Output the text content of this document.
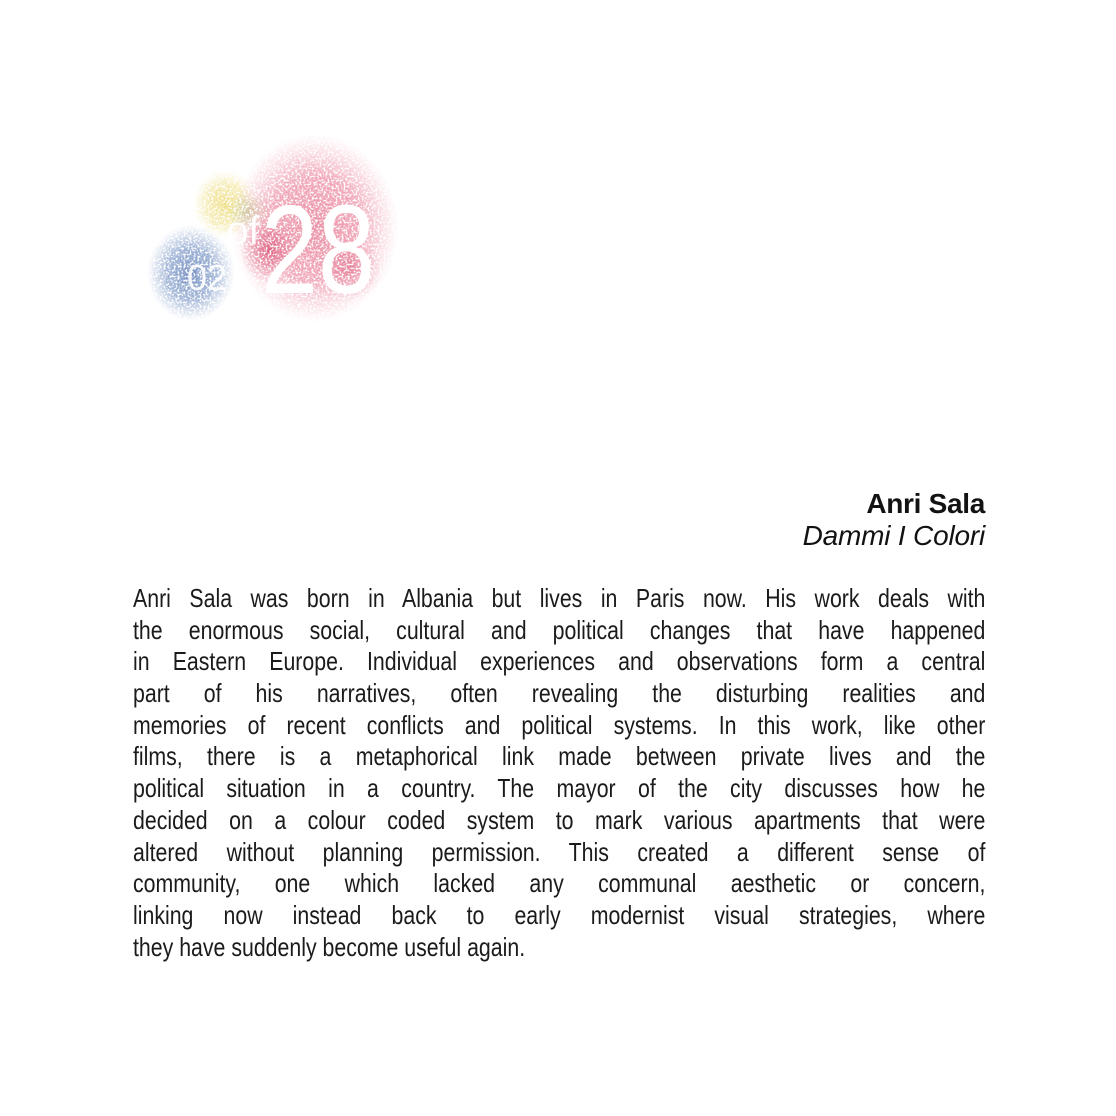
of
02 28
Anri Sala
Dammi I Colori
Anri Sala was born in Albania but lives in Paris now. His work deals with
the enormous social, cultural and political changes that have happened
in Eastern Europe. Individual experiences and observations form a central
part of his narratives, often revealing the disturbing realities and
memories of recent conflicts and political systems. In this work, like other
films, there is a metaphorical link made between private lives and the
political situation in a country. The mayor of the city discusses how he
decided on a colour coded system to mark various apartments that were
altered without planning permission. This created a different sense of
community, one which lacked any communal aesthetic or concern,
linking now instead back to early modernist visual strategies, where
they have suddenly become useful again.
